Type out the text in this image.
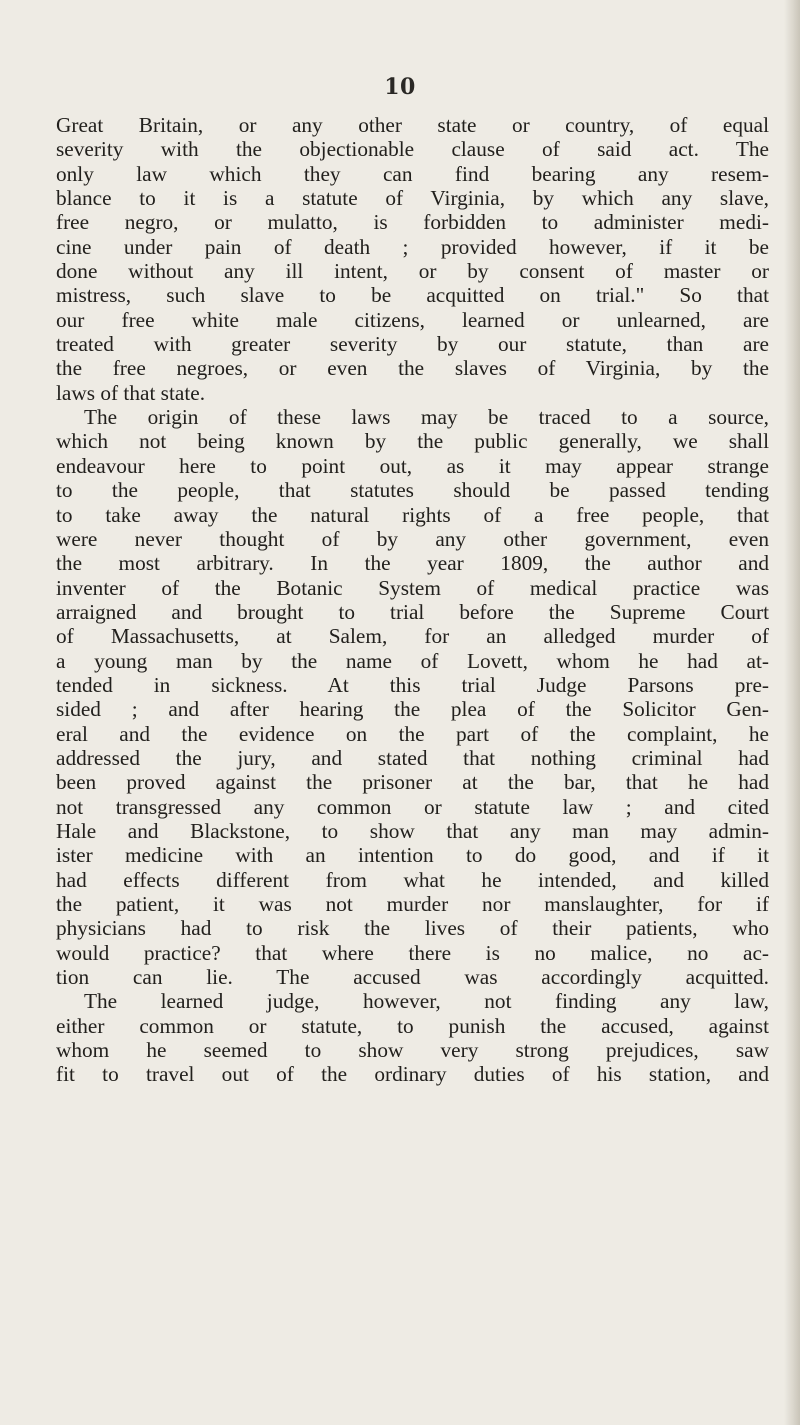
10
Great Britain, or any other state or country, of equal
severity with the objectionable clause of said act. The
only law which they can find bearing any resem-
blance to it is a statute of Virginia, by which any slave,
free negro, or mulatto, is forbidden to administer medi-
cine under pain of death ; provided however, if it be
done without any ill intent, or by consent of master or
mistress, such slave to be acquitted on trial." So that
our free white male citizens, learned or unlearned, are
treated with greater severity by our statute, than are
the free negroes, or even the slaves of Virginia, by the
laws of that state.
The origin of these laws may be traced to a source,
which not being known by the public generally, we shall
endeavour here to point out, as it may appear strange
to the people, that statutes should be passed tending
to take away the natural rights of a free people, that
were never thought of by any other government, even
the most arbitrary. In the year 1809, the author and
inventer of the Botanic System of medical practice was
arraigned and brought to trial before the Supreme Court
of Massachusetts, at Salem, for an alledged murder of
a young man by the name of Lovett, whom he had at-
tended in sickness. At this trial Judge Parsons pre-
sided ; and after hearing the plea of the Solicitor Gen-
eral and the evidence on the part of the complaint, he
addressed the jury, and stated that nothing criminal had
been proved against the prisoner at the bar, that he had
not transgressed any common or statute law ; and cited
Hale and Blackstone, to show that any man may admin-
ister medicine with an intention to do good, and if it
had effects different from what he intended, and killed
the patient, it was not murder nor manslaughter, for if
physicians had to risk the lives of their patients, who
would practice? that where there is no malice, no ac-
tion can lie. The accused was accordingly acquitted.
The learned judge, however, not finding any law,
either common or statute, to punish the accused, against
whom he seemed to show very strong prejudices, saw
fit to travel out of the ordinary duties of his station, and
